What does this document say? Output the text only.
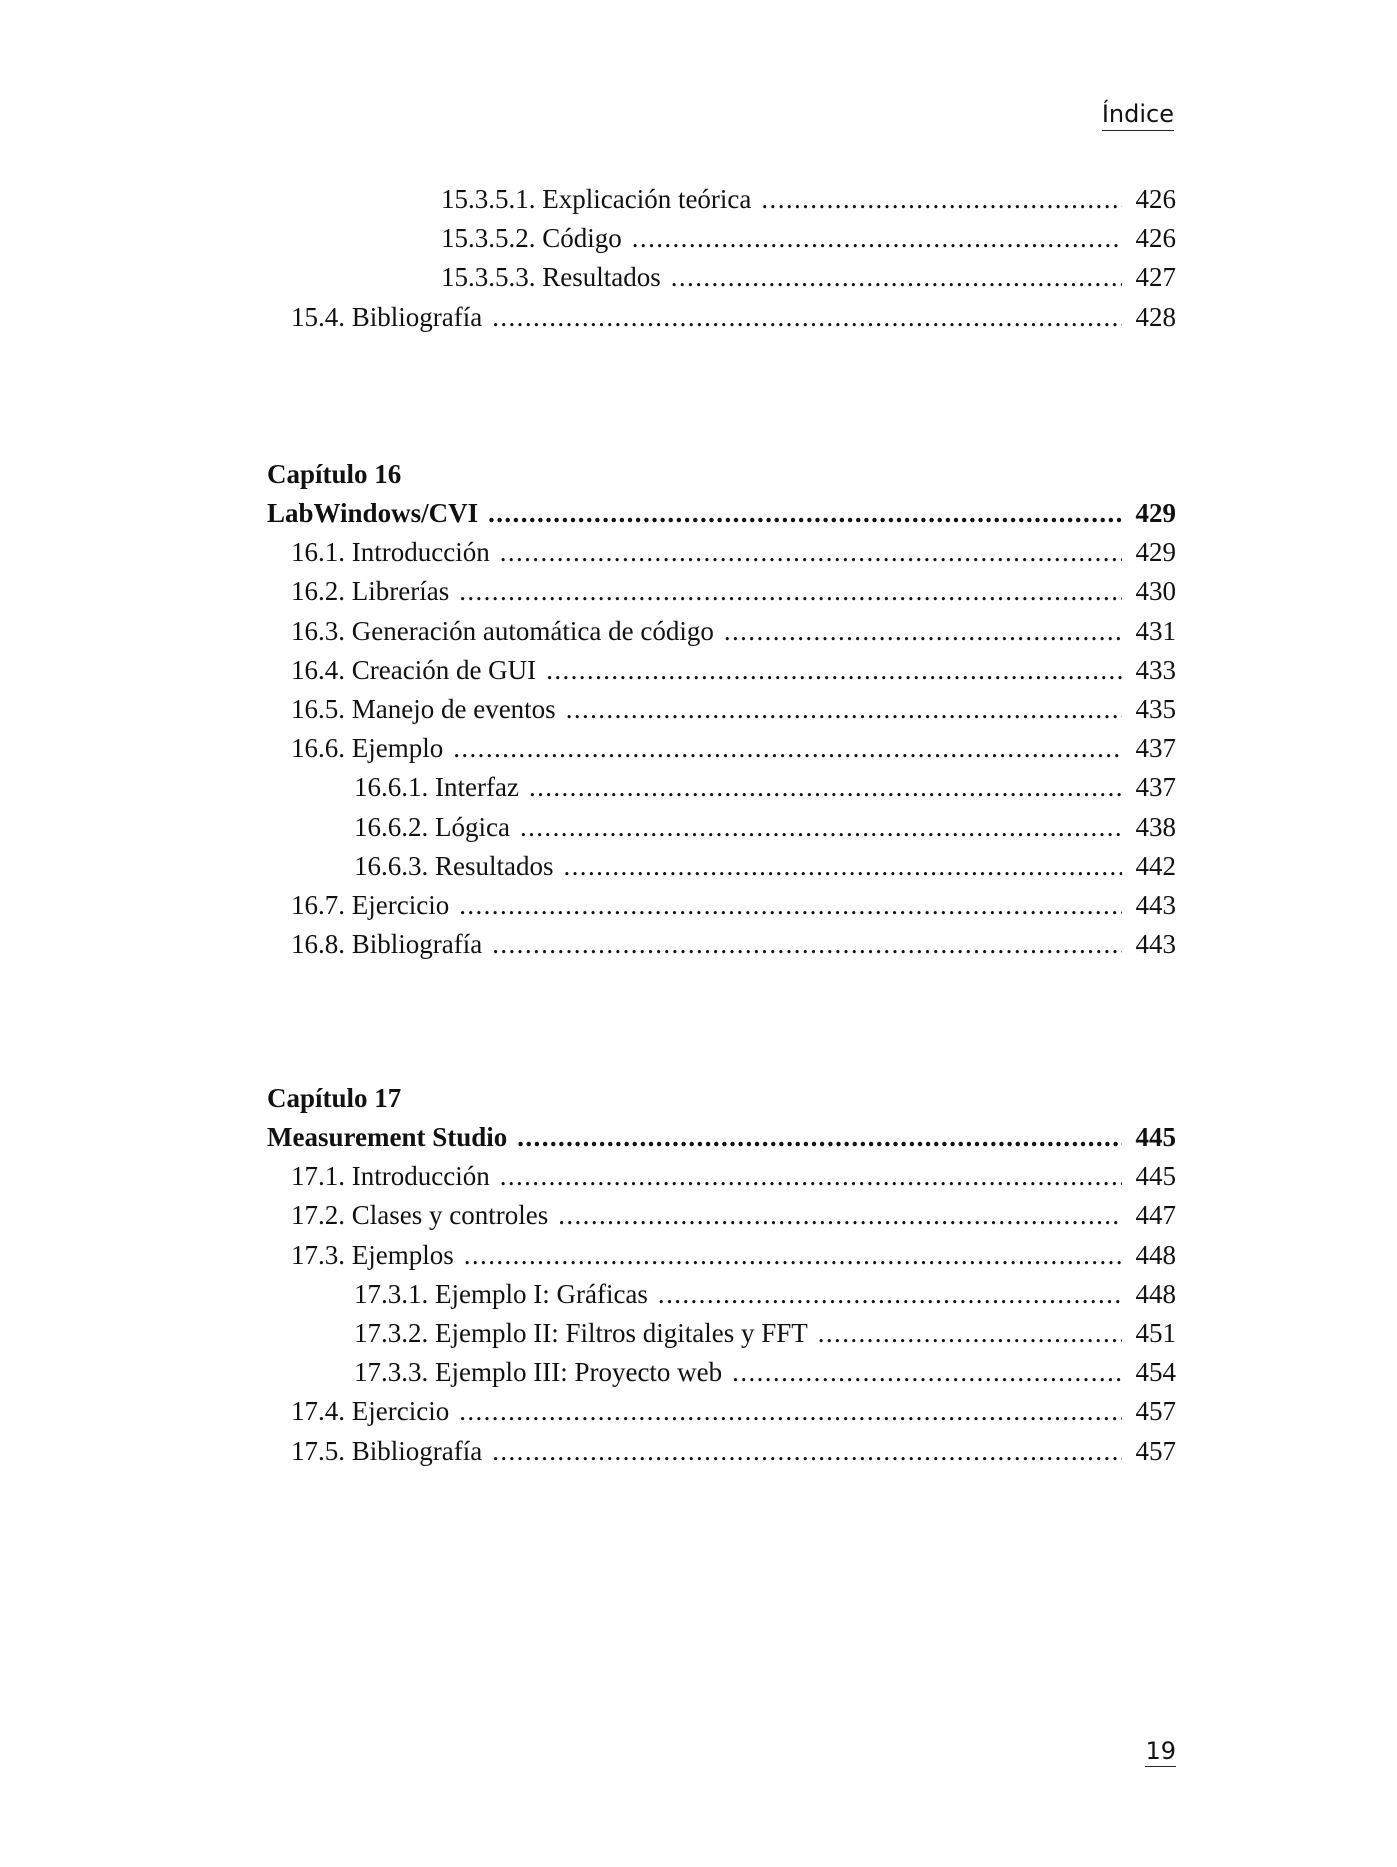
Índice
15.3.5.1. Explicación teórica .....	426
15.3.5.2. Código .....	426
15.3.5.3. Resultados .....	427
15.4. Bibliografía .....	428
Capítulo 16
LabWindows/CVI .....	429
16.1. Introducción .....	429
16.2. Librerías .....	430
16.3. Generación automática de código .....	431
16.4. Creación de GUI .....	433
16.5. Manejo de eventos .....	435
16.6. Ejemplo .....	437
16.6.1. Interfaz .....	437
16.6.2. Lógica .....	438
16.6.3. Resultados .....	442
16.7. Ejercicio .....	443
16.8. Bibliografía .....	443
Capítulo 17
Measurement Studio .....	445
17.1. Introducción .....	445
17.2. Clases y controles .....	447
17.3. Ejemplos .....	448
17.3.1. Ejemplo I: Gráficas .....	448
17.3.2. Ejemplo II: Filtros digitales y FFT .....	451
17.3.3. Ejemplo III: Proyecto web .....	454
17.4. Ejercicio .....	457
17.5. Bibliografía .....	457
19
